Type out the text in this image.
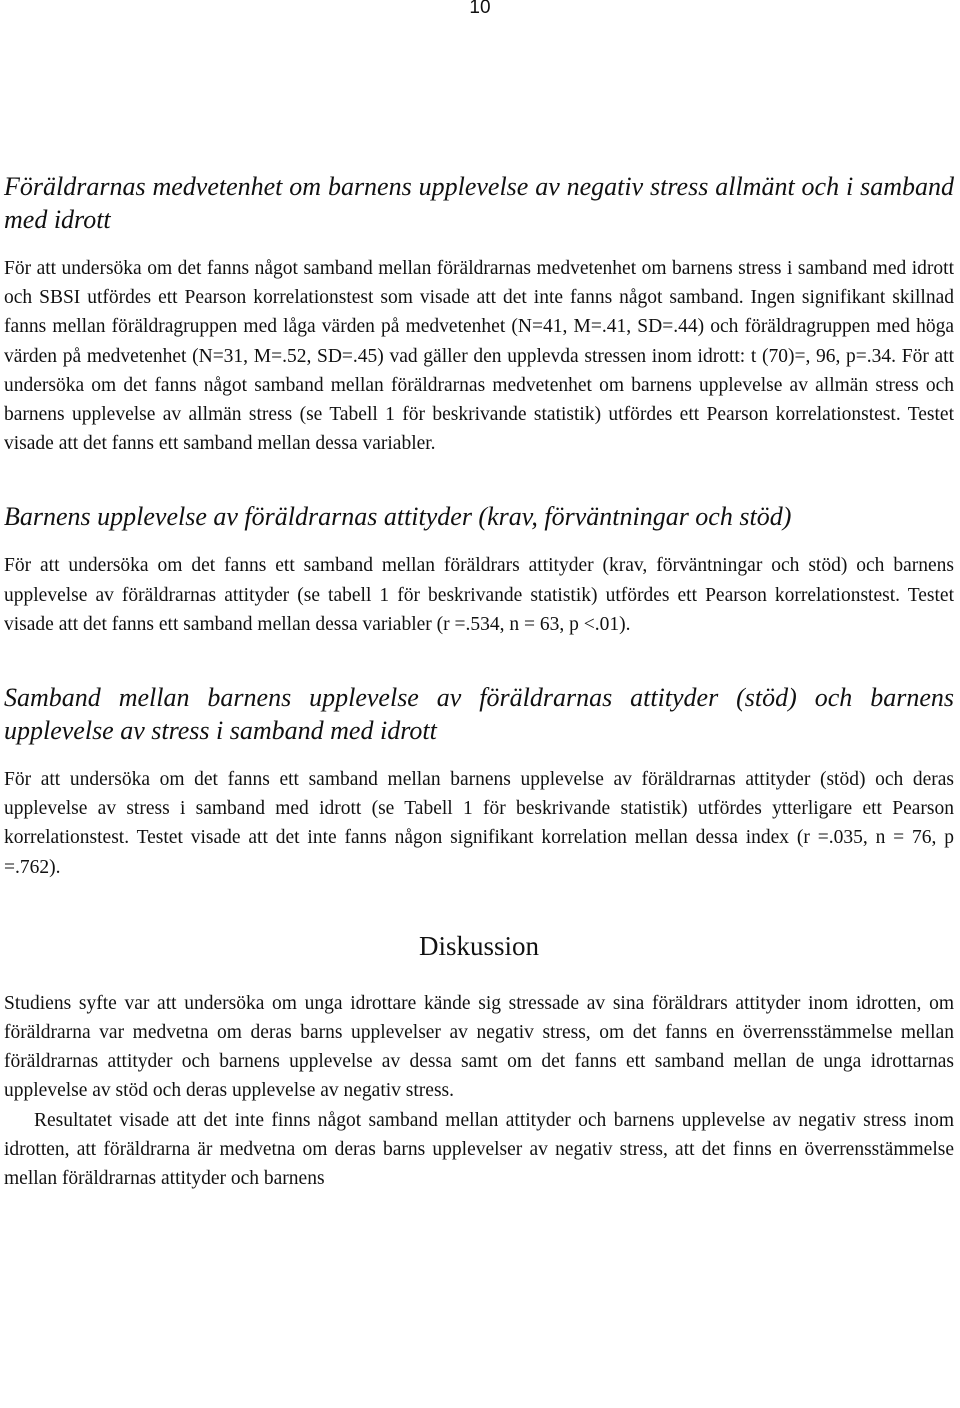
10
Föräldrarnas medvetenhet om barnens upplevelse av negativ stress allmänt och i samband med idrott

För att undersöka om det fanns något samband mellan föräldrarnas medvetenhet om barnens stress i samband med idrott och SBSI utfördes ett Pearson korrelationstest som visade att det inte fanns något samband. Ingen signifikant skillnad fanns mellan föräldragruppen med låga värden på medvetenhet (N=41, M=.41, SD=.44) och föräldragruppen med höga värden på medvetenhet (N=31, M=.52, SD=.45) vad gäller den upplevda stressen inom idrott: t (70)=, 96, p=.34. För att undersöka om det fanns något samband mellan föräldrarnas medvetenhet om barnens upplevelse av allmän stress och barnens upplevelse av allmän stress (se Tabell 1 för beskrivande statistik) utfördes ett Pearson korrelationstest. Testet visade att det fanns ett samband mellan dessa variabler.

Barnens upplevelse av föräldrarnas attityder (krav, förväntningar och stöd)

För att undersöka om det fanns ett samband mellan föräldrars attityder (krav, förväntningar och stöd) och barnens upplevelse av föräldrarnas attityder (se tabell 1 för beskrivande statistik) utfördes ett Pearson korrelationstest. Testet visade att det fanns ett samband mellan dessa variabler (r =.534, n = 63, p <.01).

Samband mellan barnens upplevelse av föräldrarnas attityder (stöd) och barnens upplevelse av stress i samband med idrott

För att undersöka om det fanns ett samband mellan barnens upplevelse av föräldrarnas attityder (stöd) och deras upplevelse av stress i samband med idrott (se Tabell 1 för beskrivande statistik) utfördes ytterligare ett Pearson korrelationstest. Testet visade att det inte fanns någon signifikant korrelation mellan dessa index (r =.035, n = 76, p =.762).

Diskussion

Studiens syfte var att undersöka om unga idrottare kände sig stressade av sina föräldrars attityder inom idrotten, om föräldrarna var medvetna om deras barns upplevelser av negativ stress, om det fanns en överrensstämmelse mellan föräldrarnas attityder och barnens upplevelse av dessa samt om det fanns ett samband mellan de unga idrottarnas upplevelse av stöd och deras upplevelse av negativ stress.

Resultatet visade att det inte finns något samband mellan attityder och barnens upplevelse av negativ stress inom idrotten, att föräldrarna är medvetna om deras barns upplevelser av negativ stress, att det finns en överrensstämmelse mellan föräldrarnas attityder och barnens
